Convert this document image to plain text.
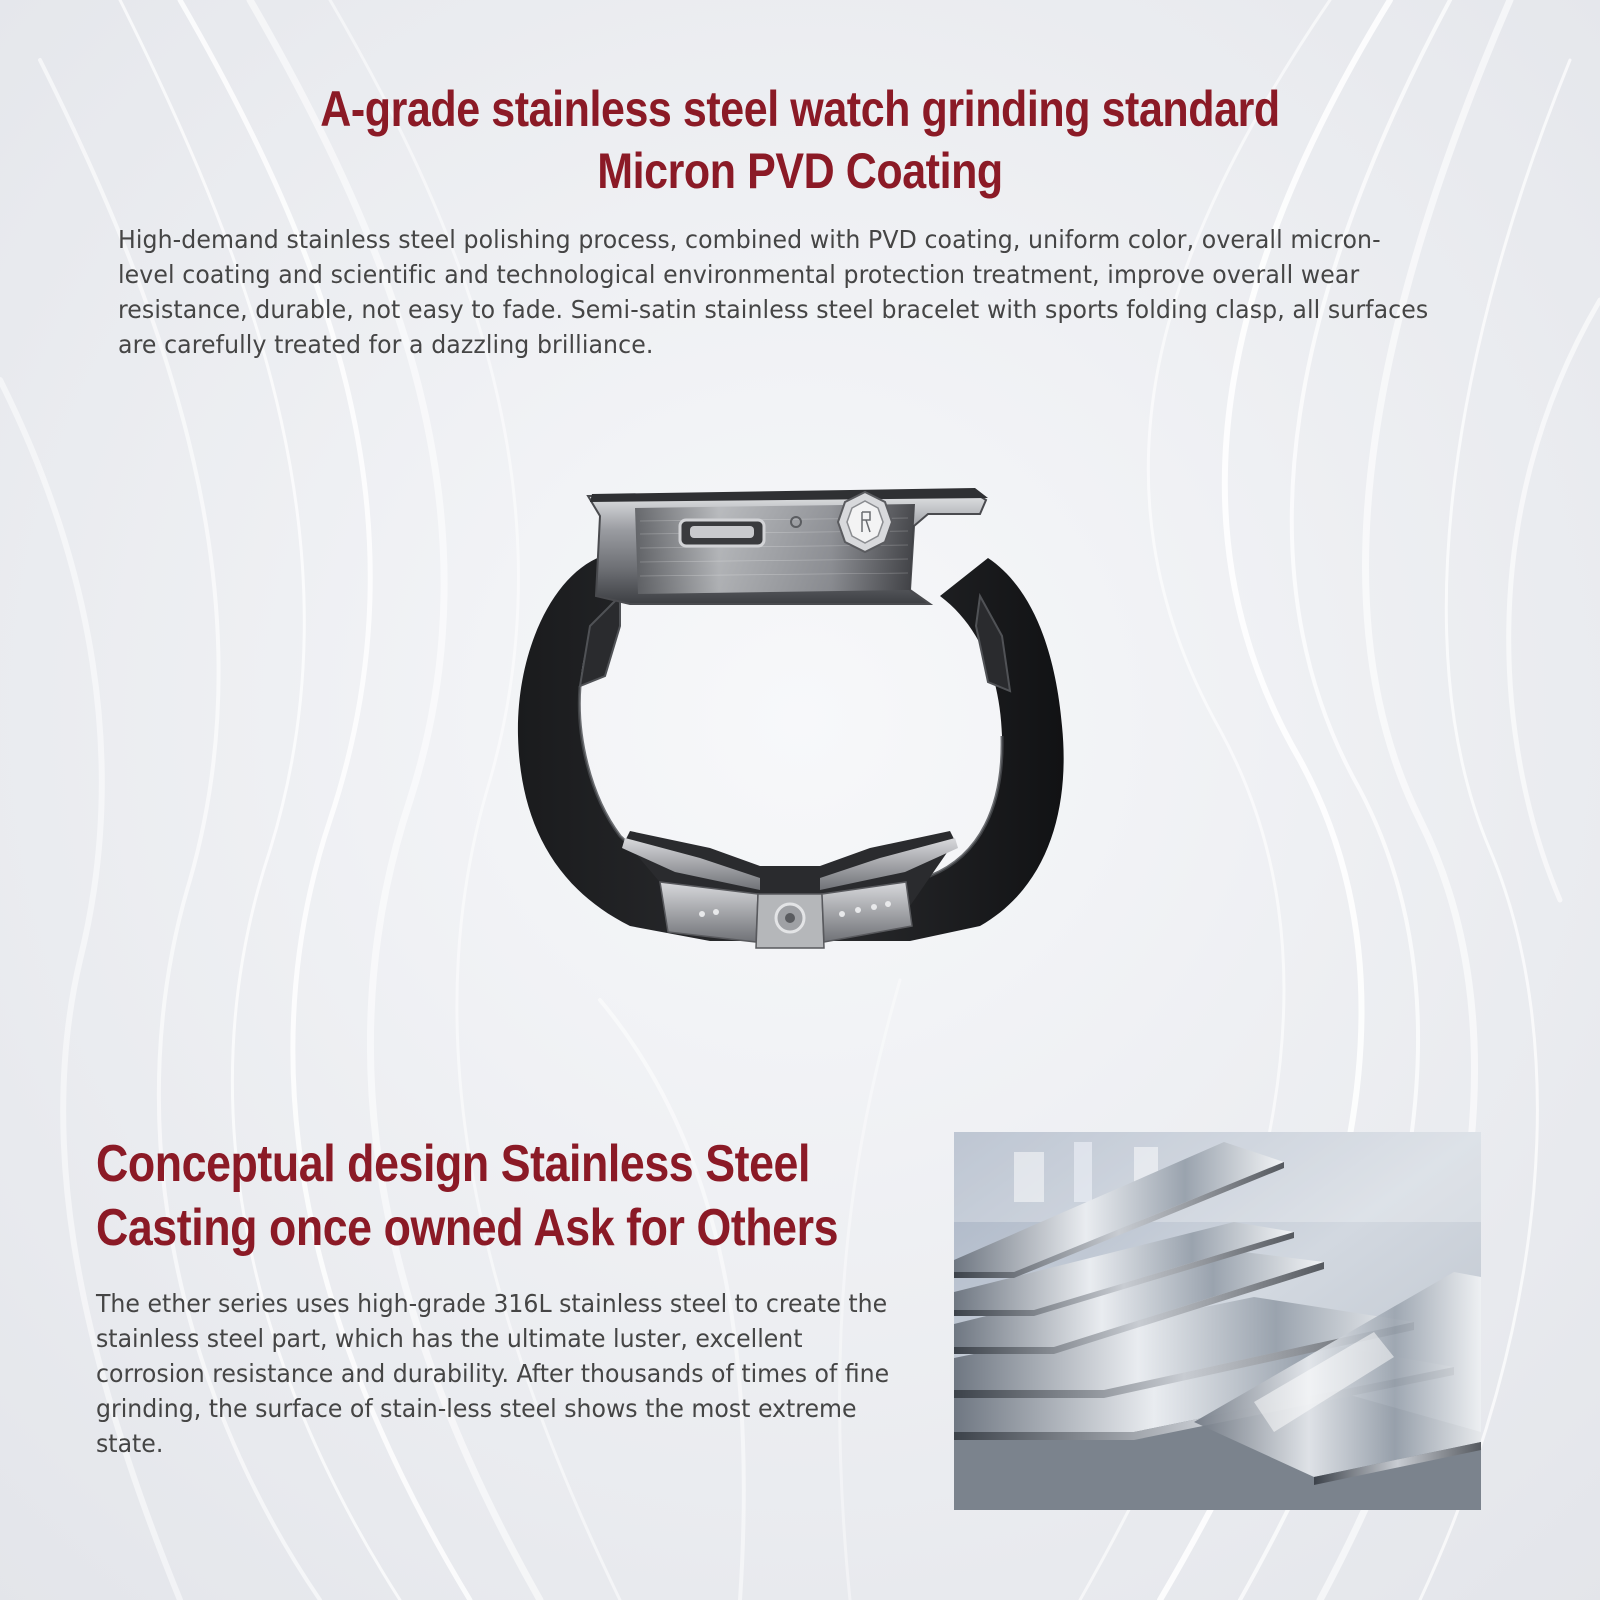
A-grade stainless steel watch grinding standard
Micron PVD Coating

High-demand stainless steel polishing process, combined with PVD coating, uniform color, overall micron-level coating and scientific and technological environmental protection treatment, improve overall wear resistance, durable, not easy to fade. Semi-satin stainless steel bracelet with sports folding clasp, all surfaces are carefully treated for a dazzling brilliance.

Conceptual design Stainless Steel
Casting once owned Ask for Others

The ether series uses high-grade 316L stainless steel to create the stainless steel part, which has the ultimate luster, excellent corrosion resistance and durability. After thousands of times of fine grinding, the surface of stain-less steel shows the most extreme state.
